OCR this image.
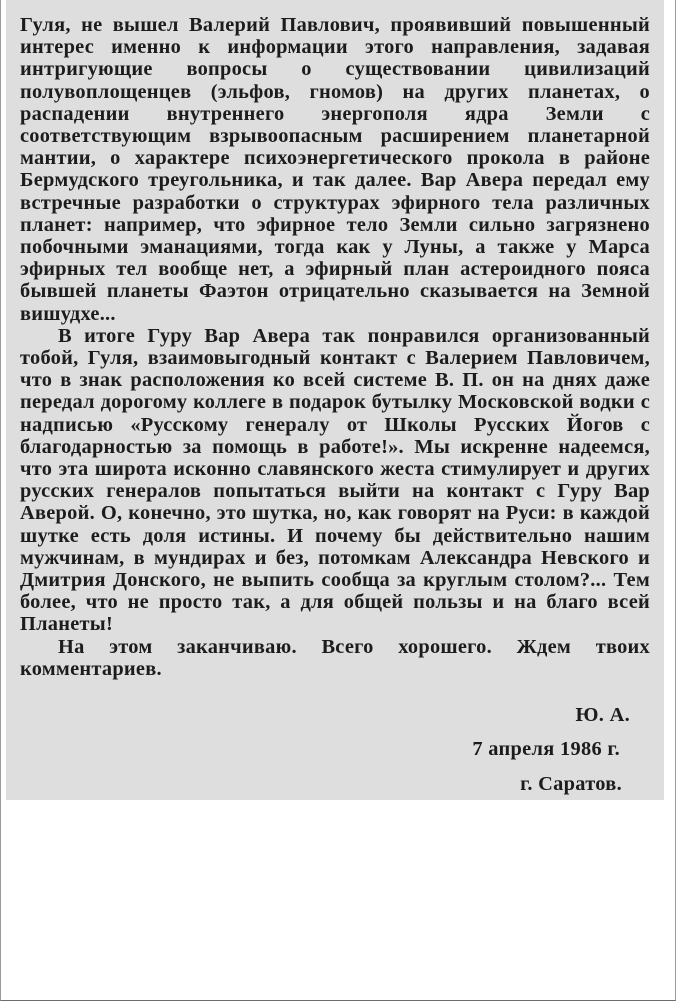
Гуля, не вышел Валерий Павлович, проявивший повышенный интерес именно к информации этого направления, задавая интригующие вопросы о существовании цивилизаций полувоплощенцев (эльфов, гномов) на других планетах, о распадении внутреннего энергополя ядра Земли с соответствующим взрывоопасным расширением планетарной мантии, о характере психоэнергетического прокола в районе Бермудского треугольника, и так далее. Вар Авера передал ему встречные разработки о структурах эфирного тела различных планет: например, что эфирное тело Земли сильно загрязнено побочными эманациями, тогда как у Луны, а также у Марса эфирных тел вообще нет, а эфирный план астероидного пояса бывшей планеты Фаэтон отрицательно сказывается на Земной вишудхе...

В итоге Гуру Вар Авера так понравился организованный тобой, Гуля, взаимовыгодный контакт с Валерием Павловичем, что в знак расположения ко всей системе В. П. он на днях даже передал дорогому коллеге в подарок бутылку Московской водки с надписью «Русскому генералу от Школы Русских Йогов с благодарностью за помощь в работе!». Мы искренне надеемся, что эта широта исконно славянского жеста стимулирует и других русских генералов попытаться выйти на контакт с Гуру Вар Аверой. О, конечно, это шутка, но, как говорят на Руси: в каждой шутке есть доля истины. И почему бы действительно нашим мужчинам, в мундирах и без, потомкам Александра Невского и Дмитрия Донского, не выпить сообща за круглым столом?... Тем более, что не просто так, а для общей пользы и на благо всей Планеты!

На этом заканчиваю. Всего хорошего. Ждем твоих комментариев.

Ю. А.

7 апреля 1986 г.

г. Саратов.
